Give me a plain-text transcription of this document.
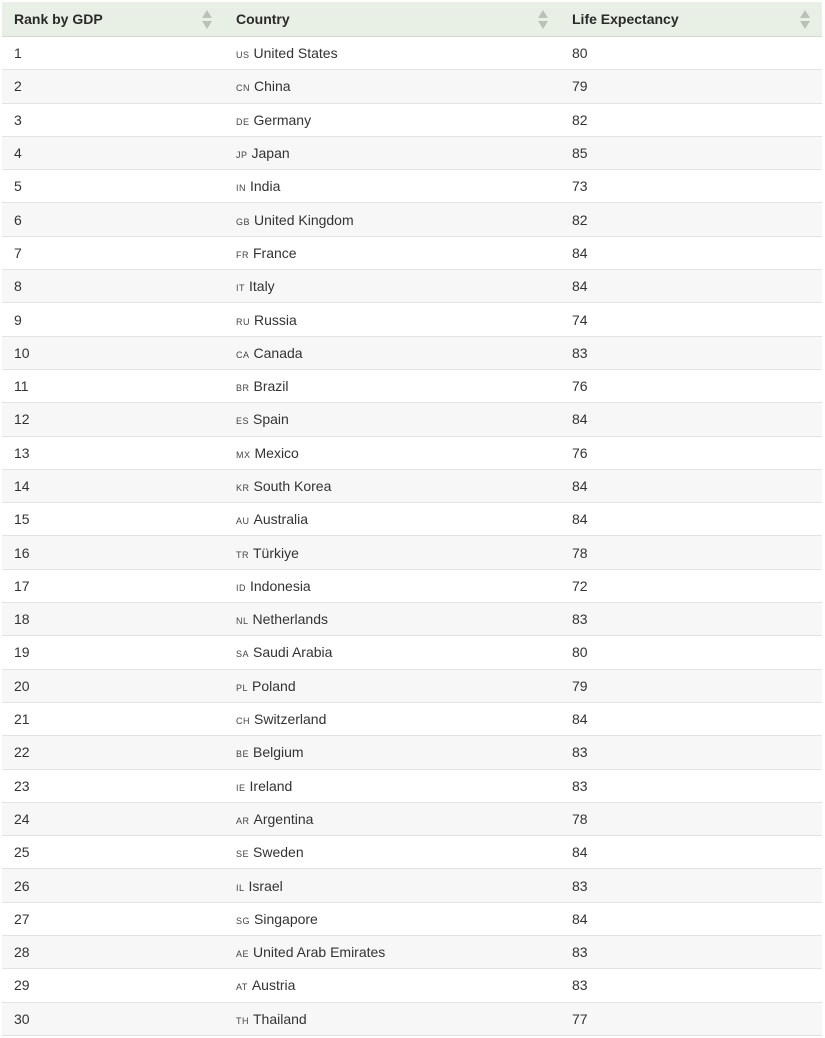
Rank by GDP	Country	Life Expectancy

1	US United States	80
2	CN China	79
3	DE Germany	82
4	JP Japan	85
5	IN India	73
6	GB United Kingdom	82
7	FR France	84
8	IT Italy	84
9	RU Russia	74
10	CA Canada	83
11	BR Brazil	76
12	ES Spain	84
13	MX Mexico	76
14	KR South Korea	84
15	AU Australia	84
16	TR Türkiye	78
17	ID Indonesia	72
18	NL Netherlands	83
19	SA Saudi Arabia	80
20	PL Poland	79
21	CH Switzerland	84
22	BE Belgium	83
23	IE Ireland	83
24	AR Argentina	78
25	SE Sweden	84
26	IL Israel	83
27	SG Singapore	84
28	AE United Arab Emirates	83
29	AT Austria	83
30	TH Thailand	77
